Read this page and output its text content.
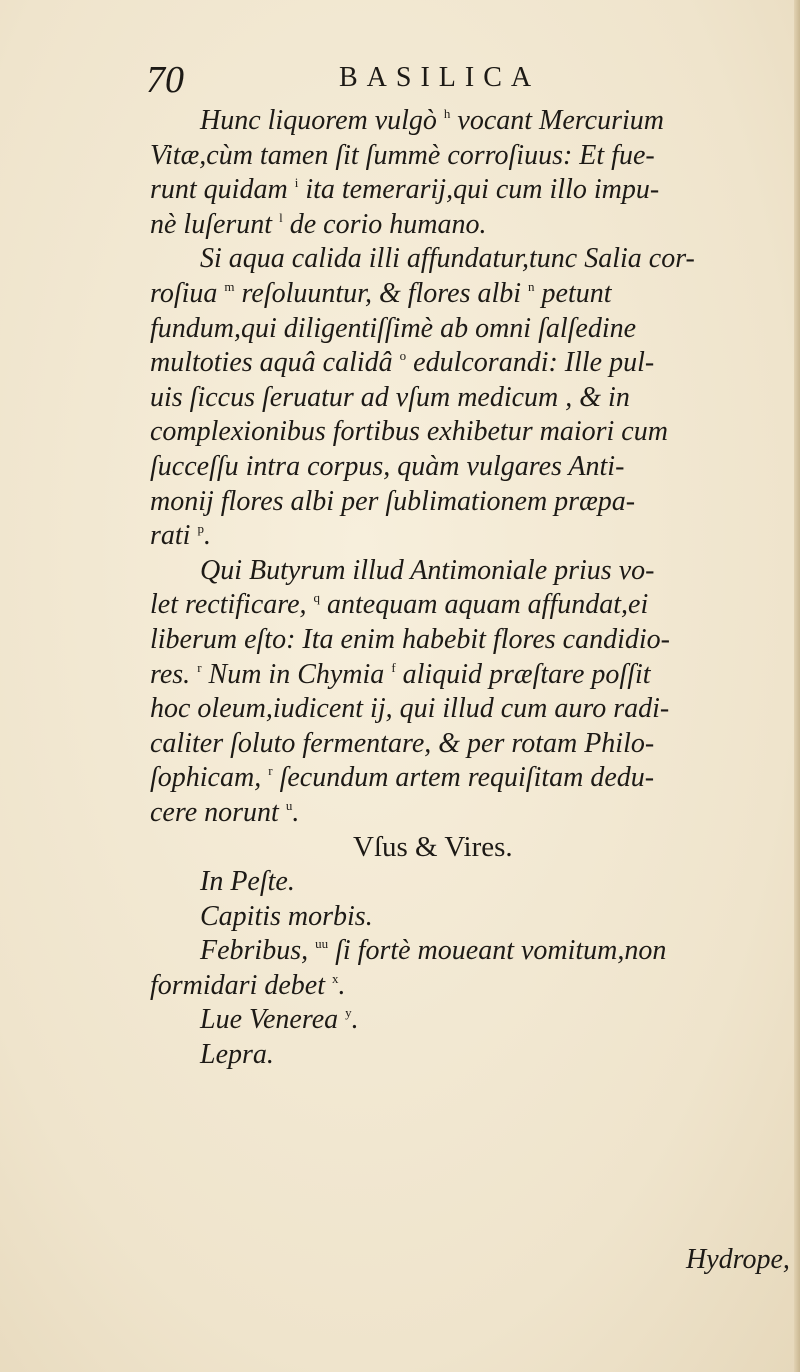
70	BASILICA
Hunc liquorem vulgò $^h$ vocant Mercurium
Vitæ,cùm tamen ſit ſummè corroſiuus: Et fue-
runt quidam $^i$ ita temerarij,qui cum illo impu-
nè luſerunt $^l$ de corio humano.
Si aqua calida illi affundatur,tunc Salia cor-
roſiua $^m$ reſoluuntur, & flores albi $^n$ petunt
fundum,qui diligentiſſimè ab omni ſalſedine
multoties aquâ calidâ $^o$ edulcorandi: Ille pul-
uis ſiccus ſeruatur ad vſum medicum , & in
complexionibus fortibus exhibetur maiori cum
ſucceſſu intra corpus, quàm vulgares Anti-
monij flores albi per ſublimationem præpa-
rati $^p$.
Qui Butyrum illud Antimoniale prius vo-
let rectificare, $^q$ antequam aquam affundat,ei
liberum eſto: Ita enim habebit flores candidio-
res. $^r$ Num in Chymia $^f$ aliquid præſtare poſſit
hoc oleum,iudicent ij, qui illud cum auro radi-
caliter ſoluto fermentare, & per rotam Philo-
ſophicam, $^r$ ſecundum artem requiſitam dedu-
cere norunt $^u$.
Vſus & Vires.
In Peſte.
Capitis morbis.
Febribus, $^{uu}$ ſi fortè moueant vomitum,non
formidari debet $^x$.
Lue Venerea $^y$.
Lepra.
Hydrope,
